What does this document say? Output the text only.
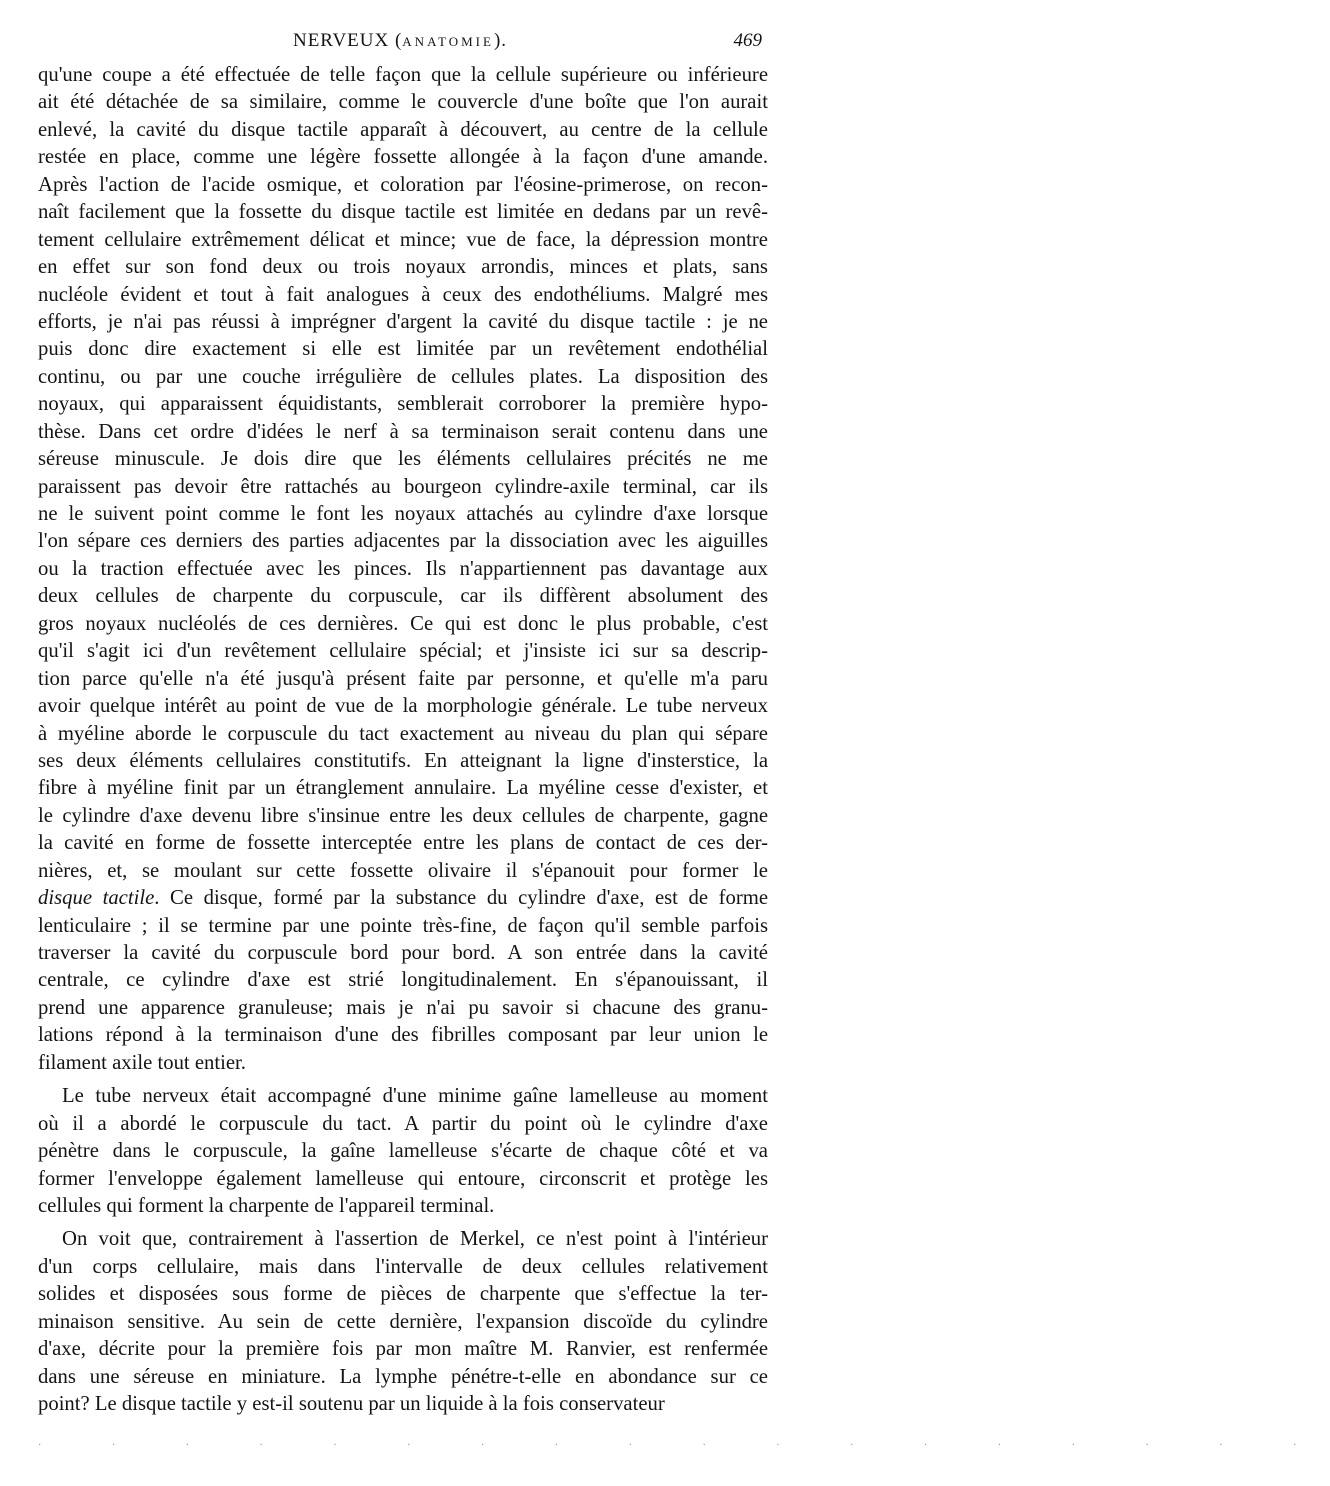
NERVEUX (ANATOMIE).	469
qu'une coupe a été effectuée de telle façon que la cellule supérieure ou inférieure
ait été détachée de sa similaire, comme le couvercle d'une boîte que l'on aurait
enlevé, la cavité du disque tactile apparaît à découvert, au centre de la cellule
restée en place, comme une légère fossette allongée à la façon d'une amande.
Après l'action de l'acide osmique, et coloration par l'éosine-primerose, on recon-
naît facilement que la fossette du disque tactile est limitée en dedans par un revê-
tement cellulaire extrêmement délicat et mince; vue de face, la dépression montre
en effet sur son fond deux ou trois noyaux arrondis, minces et plats, sans
nucléole évident et tout à fait analogues à ceux des endothéliums. Malgré mes
efforts, je n'ai pas réussi à imprégner d'argent la cavité du disque tactile : je ne
puis donc dire exactement si elle est limitée par un revêtement endothélial
continu, ou par une couche irrégulière de cellules plates. La disposition des
noyaux, qui apparaissent équidistants, semblerait corroborer la première hypo-
thèse. Dans cet ordre d'idées le nerf à sa terminaison serait contenu dans une
séreuse minuscule. Je dois dire que les éléments cellulaires précités ne me
paraissent pas devoir être rattachés au bourgeon cylindre-axile terminal, car ils
ne le suivent point comme le font les noyaux attachés au cylindre d'axe lorsque
l'on sépare ces derniers des parties adjacentes par la dissociation avec les aiguilles
ou la traction effectuée avec les pinces. Ils n'appartiennent pas davantage aux
deux cellules de charpente du corpuscule, car ils diffèrent absolument des
gros noyaux nucléolés de ces dernières. Ce qui est donc le plus probable, c'est
qu'il s'agit ici d'un revêtement cellulaire spécial; et j'insiste ici sur sa descrip-
tion parce qu'elle n'a été jusqu'à présent faite par personne, et qu'elle m'a paru
avoir quelque intérêt au point de vue de la morphologie générale. Le tube nerveux
à myéline aborde le corpuscule du tact exactement au niveau du plan qui sépare
ses deux éléments cellulaires constitutifs. En atteignant la ligne d'insterstice, la
fibre à myéline finit par un étranglement annulaire. La myéline cesse d'exister, et
le cylindre d'axe devenu libre s'insinue entre les deux cellules de charpente, gagne
la cavité en forme de fossette interceptée entre les plans de contact de ces der-
nières, et, se moulant sur cette fossette olivaire il s'épanouit pour former le
disque tactile. Ce disque, formé par la substance du cylindre d'axe, est de forme
lenticulaire ; il se termine par une pointe très-fine, de façon qu'il semble parfois
traverser la cavité du corpuscule bord pour bord. A son entrée dans la cavité
centrale, ce cylindre d'axe est strié longitudinalement. En s'épanouissant, il
prend une apparence granuleuse; mais je n'ai pu savoir si chacune des granu-
lations répond à la terminaison d'une des fibrilles composant par leur union le
filament axile tout entier.
Le tube nerveux était accompagné d'une minime gaîne lamelleuse au moment
où il a abordé le corpuscule du tact. A partir du point où le cylindre d'axe
pénètre dans le corpuscule, la gaîne lamelleuse s'écarte de chaque côté et va
former l'enveloppe également lamelleuse qui entoure, circonscrit et protège les
cellules qui forment la charpente de l'appareil terminal.
On voit que, contrairement à l'assertion de Merkel, ce n'est point à l'intérieur
d'un corps cellulaire, mais dans l'intervalle de deux cellules relativement
solides et disposées sous forme de pièces de charpente que s'effectue la ter-
minaison sensitive. Au sein de cette dernière, l'expansion discoïde du cylindre
d'axe, décrite pour la première fois par mon maître M. Ranvier, est renfermée
dans une séreuse en miniature. La lymphe pénétre-t-elle en abondance sur ce
point? Le disque tactile y est-il soutenu par un liquide à la fois conservateur
· · · · · · · · · · · · · · · · · ·
